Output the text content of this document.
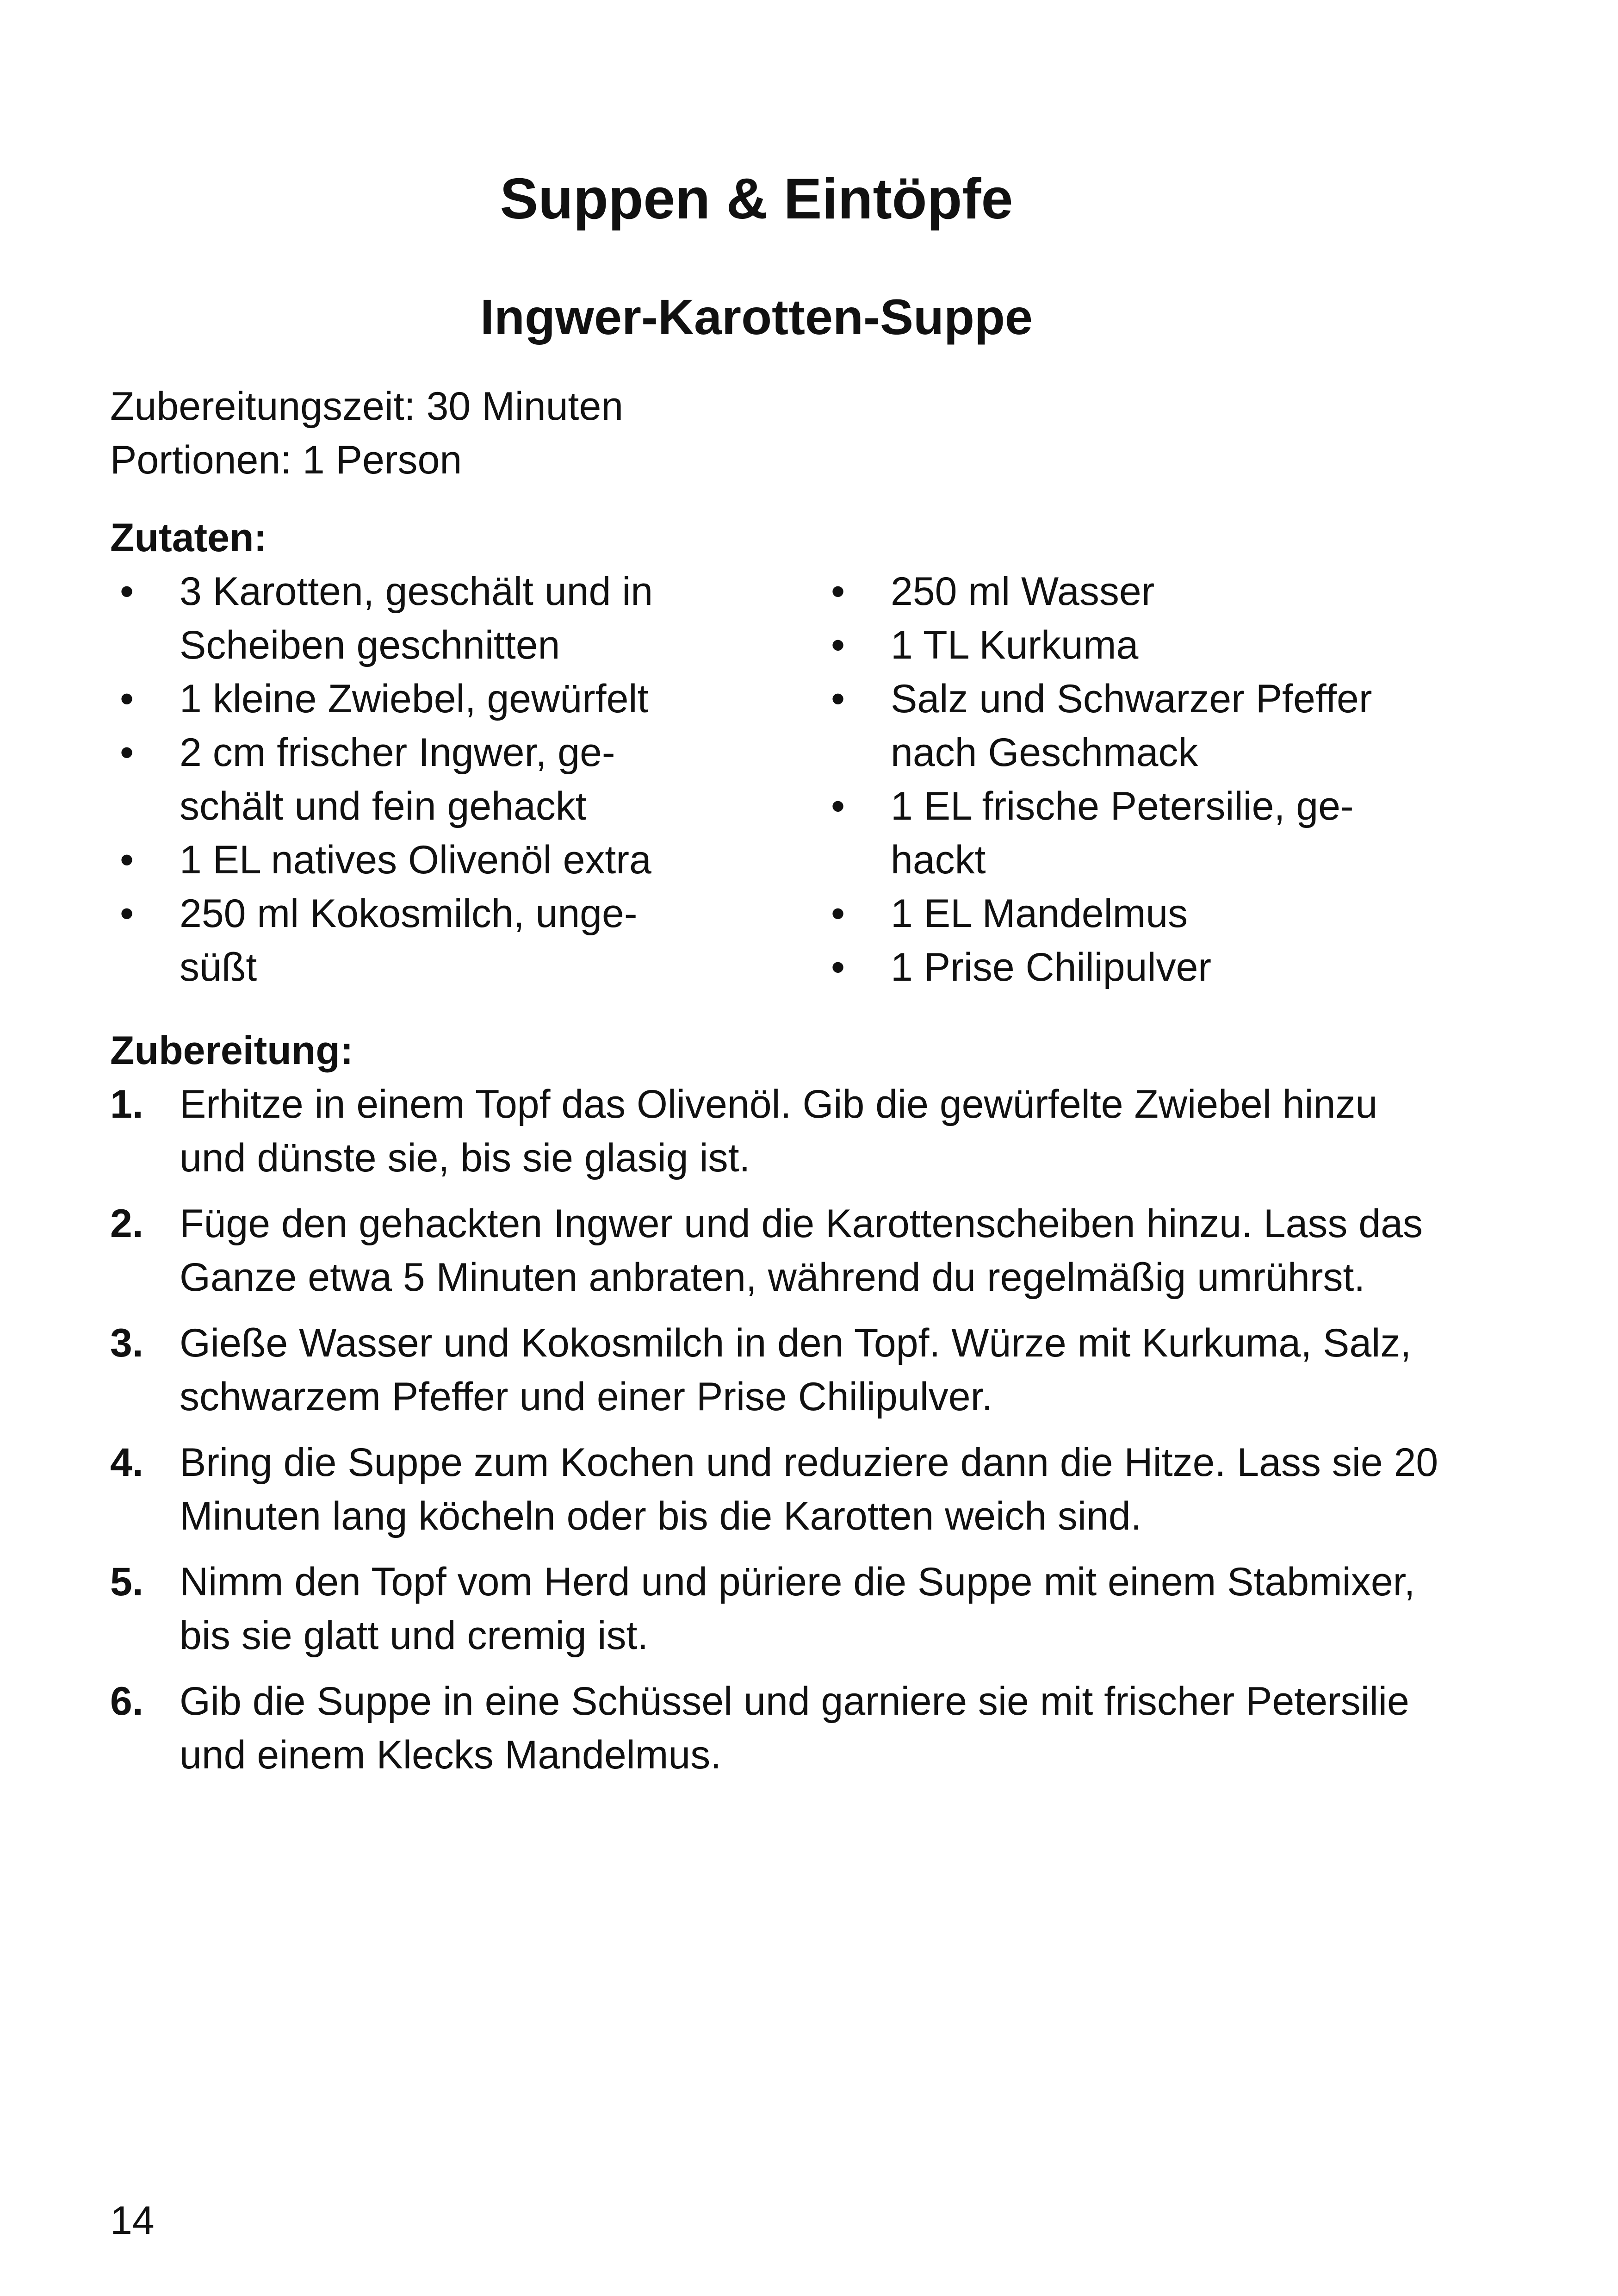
Suppen & Eintöpfe
Ingwer-Karotten-Suppe
Zubereitungszeit: 30 Minuten
Portionen: 1 Person
Zutaten:
• 3 Karotten, geschält und in
Scheiben geschnitten
• 1 kleine Zwiebel, gewürfelt
• 2 cm frischer Ingwer, ge-
schält und fein gehackt
• 1 EL natives Olivenöl extra
• 250 ml Kokosmilch, unge-
süßt
• 250 ml Wasser
• 1 TL Kurkuma
• Salz und Schwarzer Pfeffer
nach Geschmack
• 1 EL frische Petersilie, ge-
hackt
• 1 EL Mandelmus
• 1 Prise Chilipulver
Zubereitung:
1. Erhitze in einem Topf das Olivenöl. Gib die gewürfelte Zwiebel hinzu
und dünste sie, bis sie glasig ist.
2. Füge den gehackten Ingwer und die Karottenscheiben hinzu. Lass das
Ganze etwa 5 Minuten anbraten, während du regelmäßig umrührst.
3. Gieße Wasser und Kokosmilch in den Topf. Würze mit Kurkuma, Salz,
schwarzem Pfeffer und einer Prise Chilipulver.
4. Bring die Suppe zum Kochen und reduziere dann die Hitze. Lass sie 20
Minuten lang köcheln oder bis die Karotten weich sind.
5. Nimm den Topf vom Herd und püriere die Suppe mit einem Stabmixer,
bis sie glatt und cremig ist.
6. Gib die Suppe in eine Schüssel und garniere sie mit frischer Petersilie
und einem Klecks Mandelmus.
14
